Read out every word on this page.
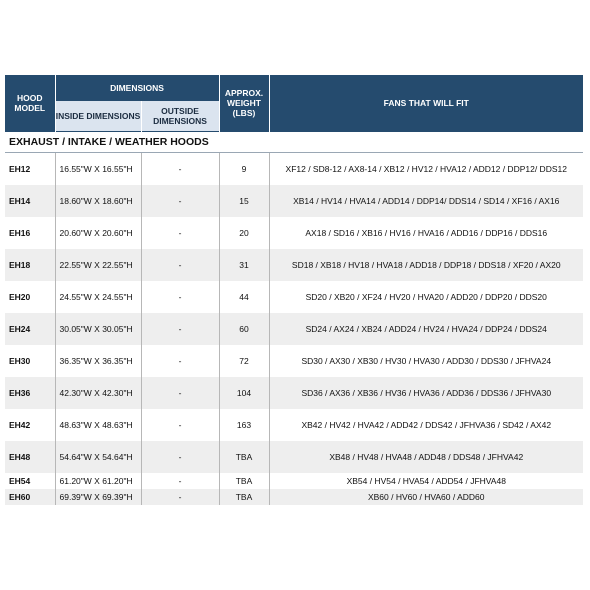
HOOD MODEL	DIMENSIONS		APPROX. WEIGHT (LBS)	FANS THAT WILL FIT
	INSIDE DIMENSIONS	OUTSIDE DIMENSIONS		
EXHAUST / INTAKE / WEATHER HOODS				
EH12	16.55"W X 16.55"H	-	9	XF12 / SD8-12 / AX8-14 / XB12 / HV12 / HVA12 / ADD12 / DDP12/ DDS12
EH14	18.60"W X 18.60"H	-	15	XB14 / HV14 / HVA14 / ADD14 / DDP14/ DDS14 / SD14 / XF16 / AX16
EH16	20.60"W X 20.60"H	-	20	AX18 / SD16 / XB16 / HV16 / HVA16 / ADD16 / DDP16 / DDS16
EH18	22.55"W X 22.55"H	-	31	SD18 / XB18 / HV18 / HVA18 / ADD18 / DDP18 / DDS18 / XF20 / AX20
EH20	24.55"W X 24.55"H	-	44	SD20 / XB20 / XF24 / HV20 / HVA20 / ADD20 / DDP20 / DDS20
EH24	30.05"W X 30.05"H	-	60	SD24 / AX24 / XB24 / ADD24 / HV24 / HVA24 / DDP24 / DDS24
EH30	36.35"W X 36.35"H	-	72	SD30 / AX30 / XB30 / HV30 / HVA30 / ADD30 / DDS30 / JFHVA24
EH36	42.30"W X 42.30"H	-	104	SD36 / AX36 / XB36 / HV36 / HVA36 / ADD36 / DDS36 / JFHVA30
EH42	48.63"W X 48.63"H	-	163	XB42 / HV42 / HVA42 / ADD42 / DDS42 / JFHVA36 / SD42 / AX42
EH48	54.64"W X 54.64"H	-	TBA	XB48 / HV48 / HVA48 / ADD48 / DDS48 / JFHVA42
EH54	61.20"W X 61.20"H	-	TBA	XB54 / HV54 / HVA54 / ADD54 / JFHVA48
EH60	69.39"W X 69.39"H	-	TBA	XB60 / HV60 / HVA60 / ADD60
